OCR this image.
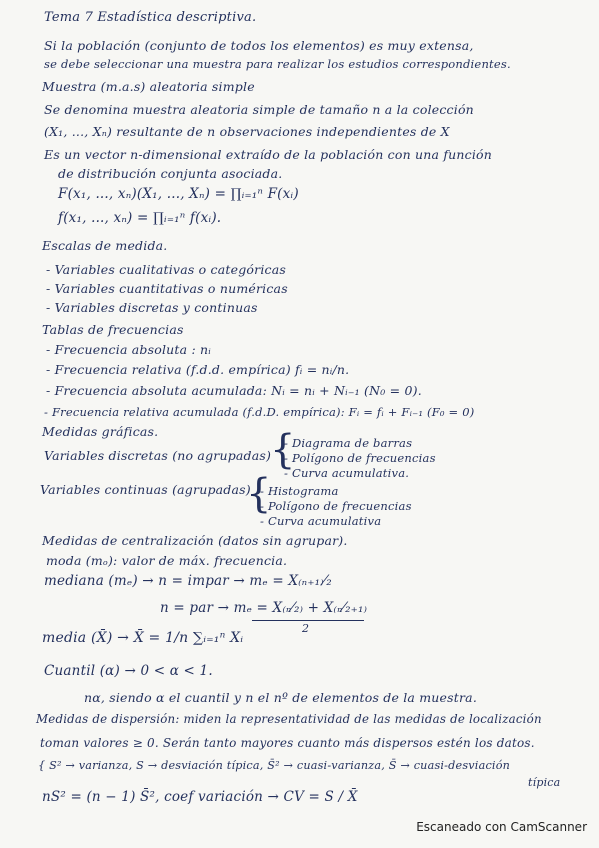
Tema 7 Estadística descriptiva.
Si la población (conjunto de todos los elementos) es muy extensa,
se debe seleccionar una muestra para realizar los estudios correspondientes.
Muestra (m.a.s) aleatoria simple
Se denomina muestra aleatoria simple de tamaño n a la colección
(X₁, ..., Xₙ) resultante de n observaciones independientes de X
Es un vector n-dimensional extraído de la población con una función
de distribución conjunta asociada.
F(x₁, ..., xₙ)(X₁, ..., Xₙ) = ∏ᵢ₌₁ⁿ F(xᵢ)
f(x₁, ..., xₙ) = ∏ᵢ₌₁ⁿ f(xᵢ).
Escalas de medida.
- Variables cualitativas o categóricas
- Variables cuantitativas o numéricas
- Variables discretas y continuas
Tablas de frecuencias
- Frecuencia absoluta : nᵢ
- Frecuencia relativa (f.d.d. empírica) fᵢ = nᵢ/n.
- Frecuencia absoluta acumulada: Nᵢ = nᵢ + Nᵢ₋₁ (N₀ = 0).
- Frecuencia relativa acumulada (f.d.D. empírica): Fᵢ = fᵢ + Fᵢ₋₁ (F₀ = 0)
Medidas gráficas.
Variables discretas (no agrupadas)
{
- Diagrama de barras
- Polígono de frecuencias
- Curva acumulativa.
Variables continuas (agrupadas)
{
- Histograma
- Polígono de frecuencias
- Curva acumulativa
Medidas de centralización (datos sin agrupar).
moda (mₒ): valor de máx. frecuencia.
mediana (mₑ) → n = impar → mₑ = X₍ₙ₊₁₎⁄₂
n = par → mₑ = X₍ₙ⁄₂₎ + X₍ₙ⁄₂₊₁₎
2
media (X̄) → X̄ = 1/n ∑ᵢ₌₁ⁿ Xᵢ
Cuantil (α) → 0 < α < 1.
nα, siendo α el cuantil y n el nº de elementos de la muestra.
Medidas de dispersión: miden la representatividad de las medidas de localización
toman valores ≥ 0. Serán tanto mayores cuanto más dispersos estén los datos.
{ S² → varianza, S → desviación típica, S̄² → cuasi-varianza, S̄ → cuasi-desviación
típica
nS² = (n − 1) S̄², coef variación → CV = S / X̄
Escaneado con CamScanner
